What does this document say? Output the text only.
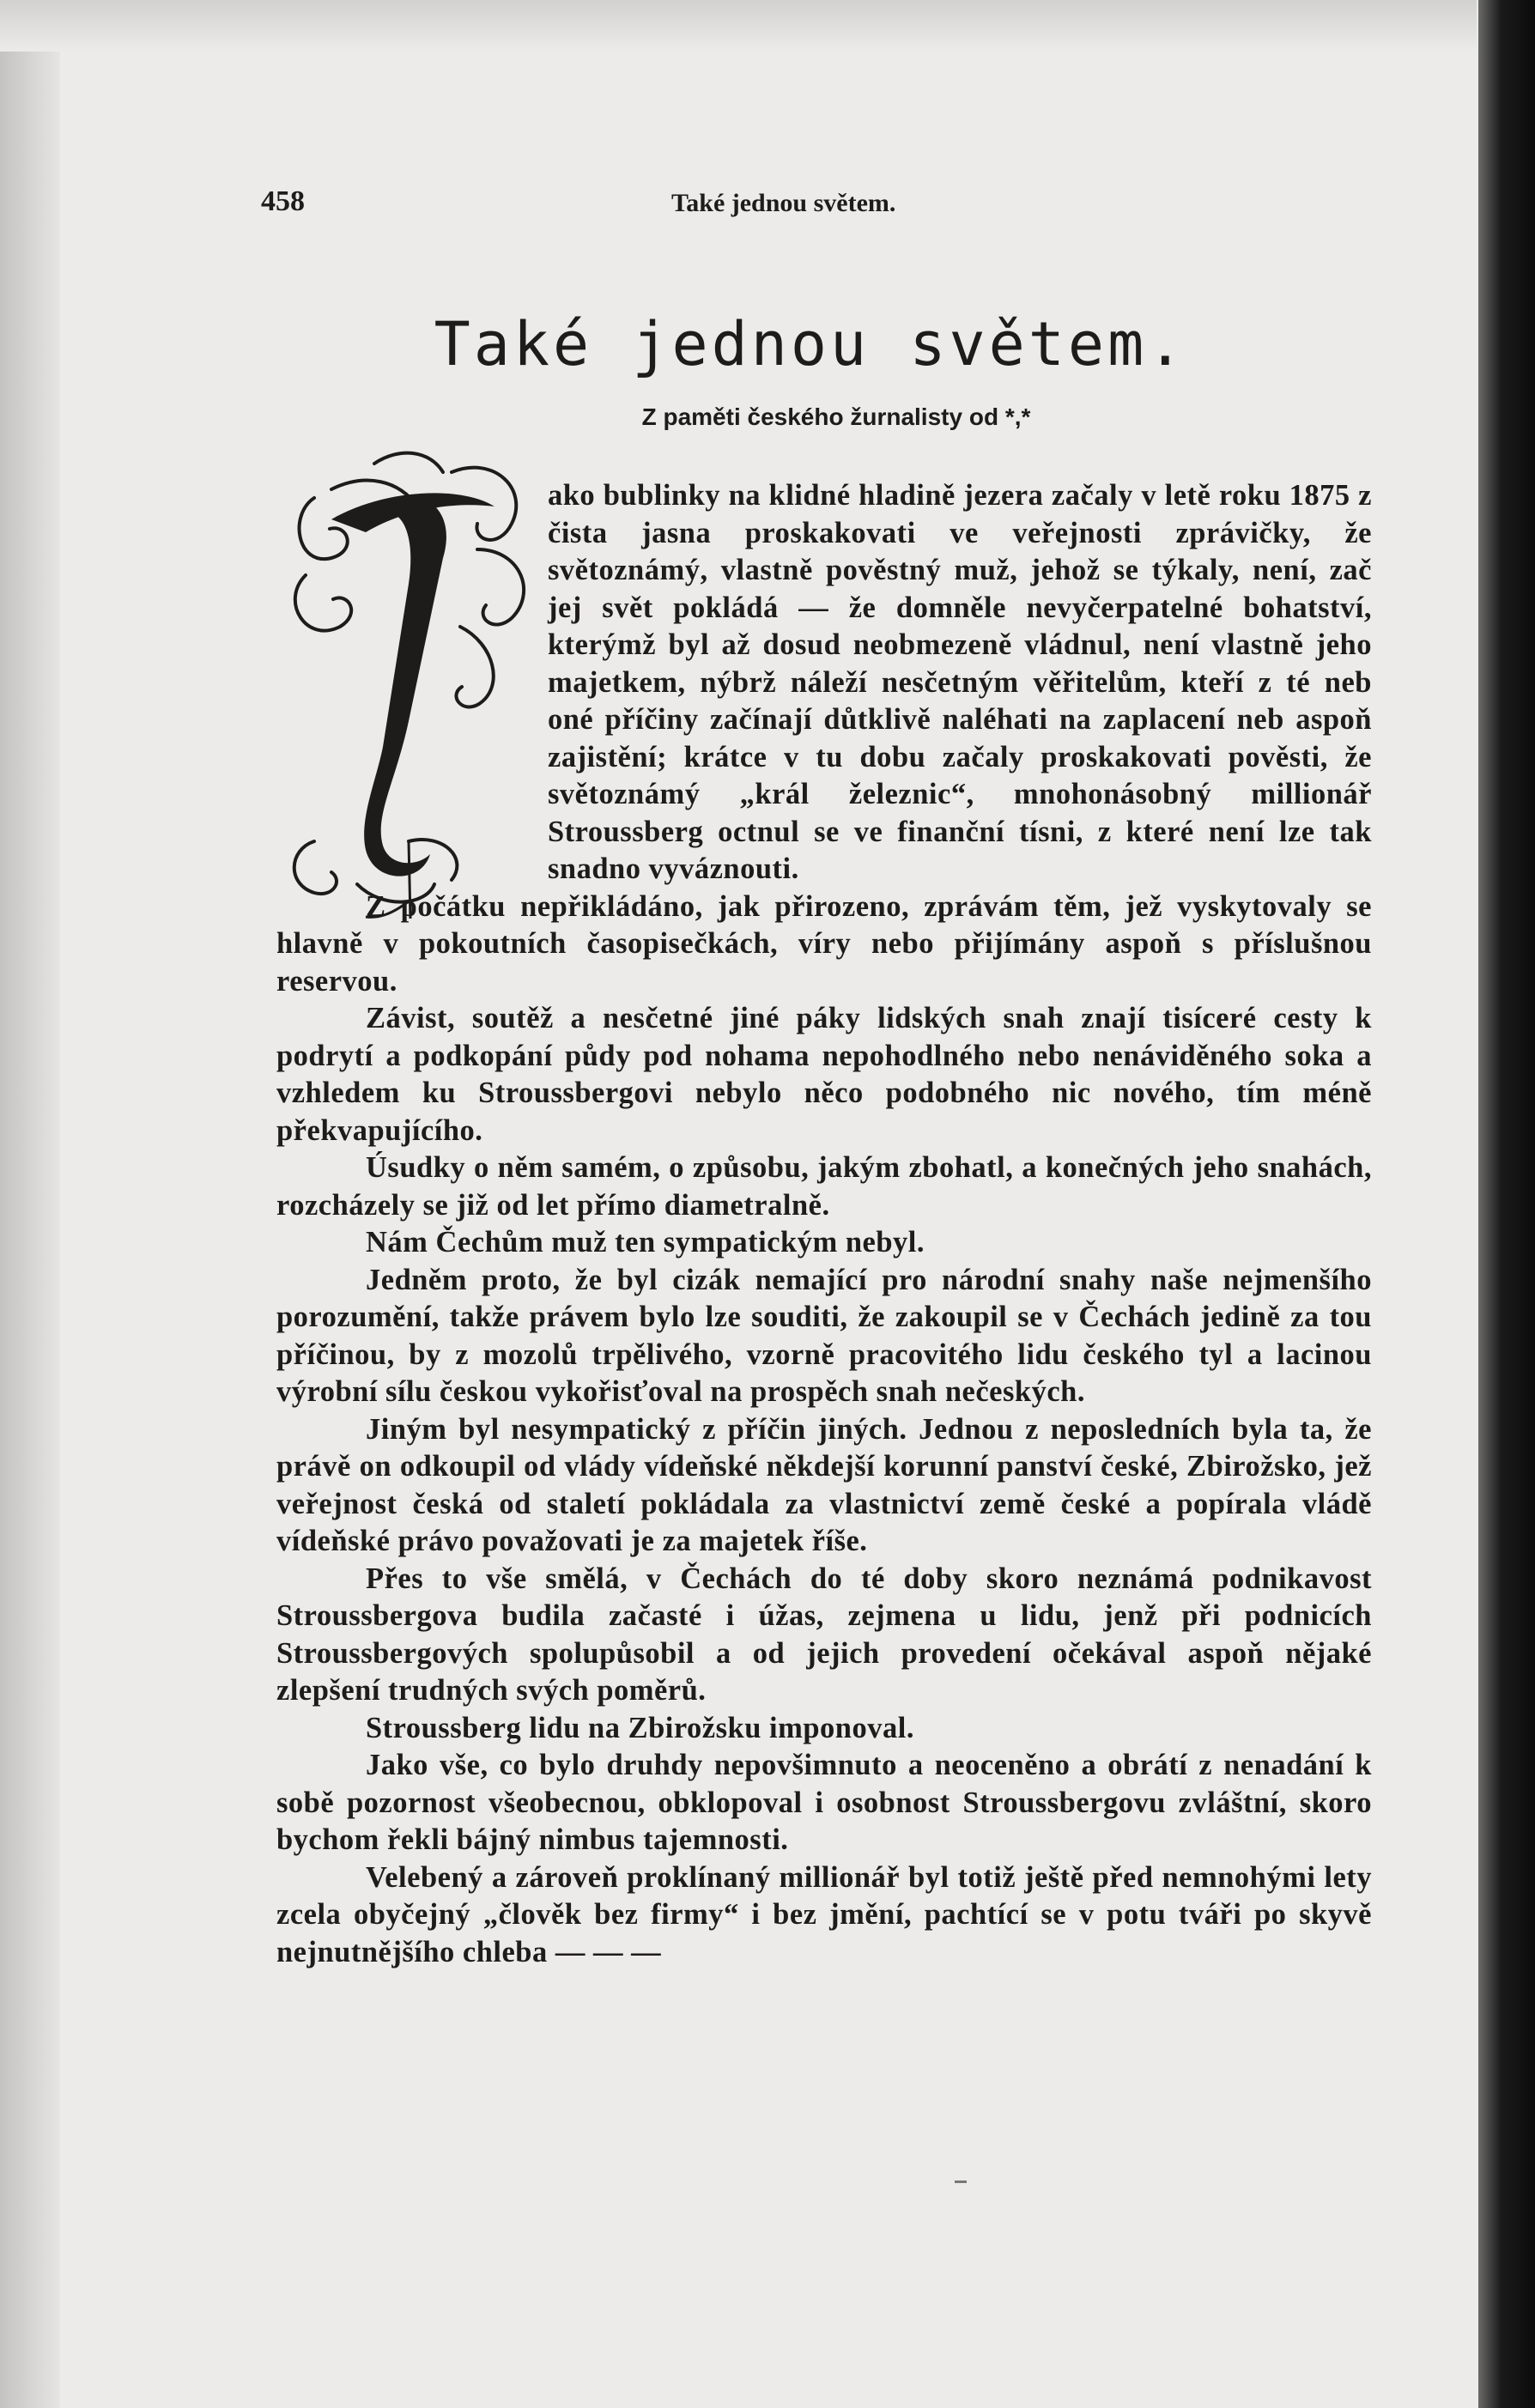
458	Také jednou světem.
Také jednou světem.
Z paměti českého žurnalisty od *,*

ako bublinky na klidné hladině jezera začaly v letě roku 1875 z čista jasna proskakovati ve veřejnosti zprávičky, že světoznámý, vlastně pověstný muž, jehož se týkaly, není, zač jej svět pokládá — že domněle nevyčerpatelné bohatství, kterýmž byl až dosud neobmezeně vládnul, není vlastně jeho majetkem, nýbrž náleží nesčetným věřitelům, kteří z té neb oné příčiny začínají důtklivě naléhati na zaplacení neb aspoň zajistění; krátce v tu dobu začaly proskakovati pověsti, že světoznámý „král železnic“, mnohonásobný millionář Stroussberg octnul se ve finanční tísni, z které není lze tak snadno vyváznouti.

Z počátku nepřikládáno, jak přirozeno, zprávám těm, jež vyskytovaly se hlavně v pokoutních časopisečkách, víry nebo přijímány aspoň s příslušnou reservou.

Závist, soutěž a nesčetné jiné páky lidských snah znají tisíceré cesty k podrytí a podkopání půdy pod nohama nepohodlného nebo nenáviděného soka a vzhledem ku Stroussbergovi nebylo něco podobného nic nového, tím méně překvapujícího.

Úsudky o něm samém, o způsobu, jakým zbohatl, a konečných jeho snahách, rozcházely se již od let přímo diametralně.

Nám Čechům muž ten sympatickým nebyl.

Jedněm proto, že byl cizák nemající pro národní snahy naše nejmenšího porozumění, takže právem bylo lze souditi, že zakoupil se v Čechách jedině za tou příčinou, by z mozolů trpělivého, vzorně pracovitého lidu českého tyl a lacinou výrobní sílu českou vykořisťoval na prospěch snah nečeských.

Jiným byl nesympatický z příčin jiných. Jednou z neposledních byla ta, že právě on odkoupil od vlády vídeňské někdejší korunní panství české, Zbirožsko, jež veřejnost česká od staletí pokládala za vlastnictví země české a popírala vládě vídeňské právo považovati je za majetek říše.

Přes to vše smělá, v Čechách do té doby skoro neznámá podnikavost Stroussbergova budila začasté i úžas, zejmena u lidu, jenž při podnicích Stroussbergových spolupůsobil a od jejich provedení očekával aspoň nějaké zlepšení trudných svých poměrů.

Stroussberg lidu na Zbirožsku imponoval.

Jako vše, co bylo druhdy nepovšimnuto a neoceněno a obrátí z nenadání k sobě pozornost všeobecnou, obklopoval i osobnost Stroussbergovu zvláštní, skoro bychom řekli bájný nimbus tajemnosti.

Velebený a zároveň proklínaný millionář byl totiž ještě před nemnohými lety zcela obyčejný „člověk bez firmy“ i bez jmění, pachtící se v potu tváři po skyvě nejnutnějšího chleba — — —
